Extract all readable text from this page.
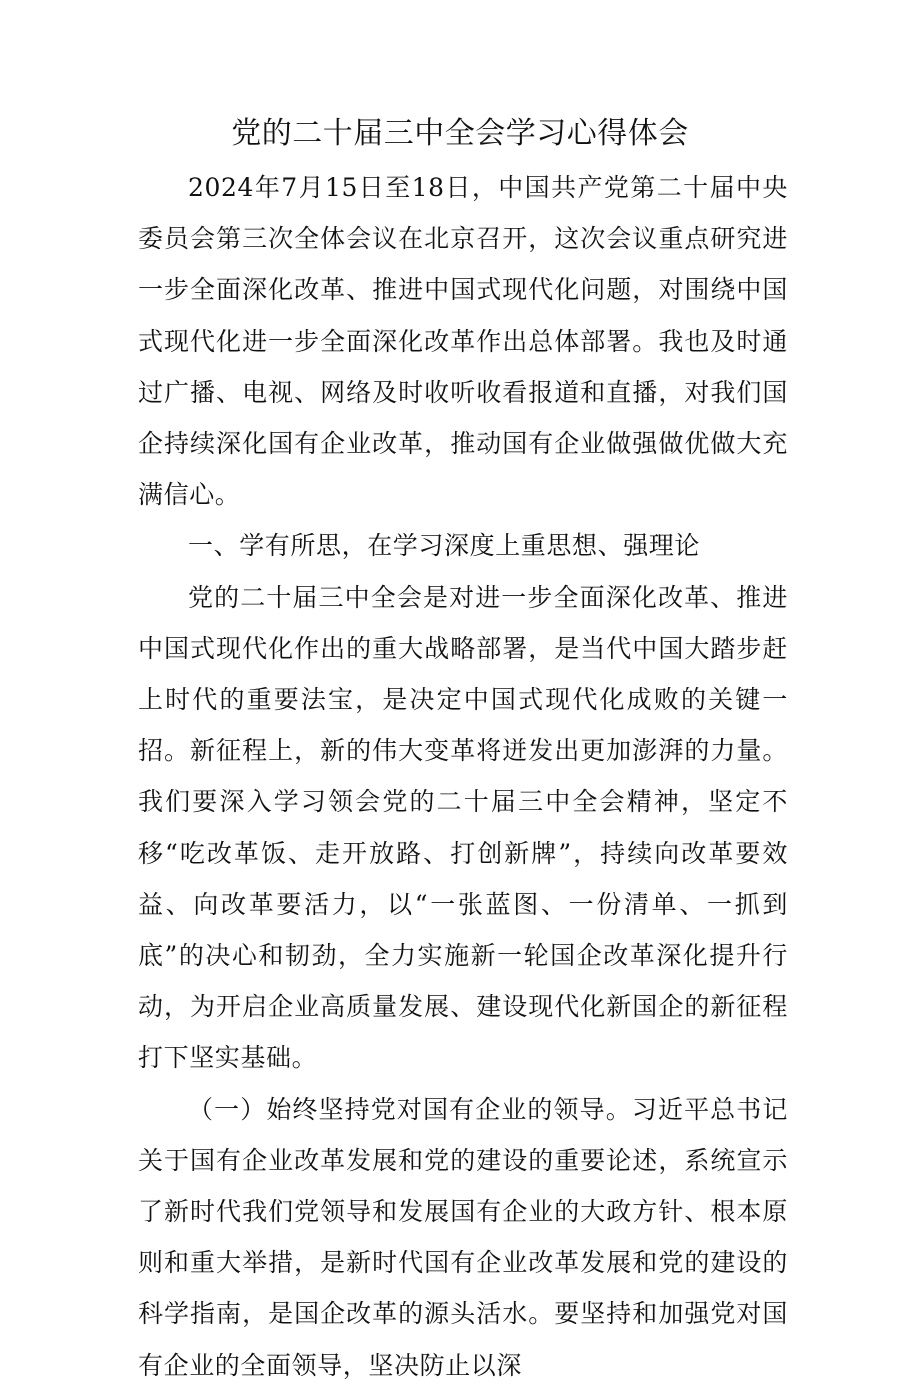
党的二十届三中全会学习心得体会

2024年7月15日至18日，中国共产党第二十届中央委员会第三次全体会议在北京召开，这次会议重点研究进一步全面深化改革、推进中国式现代化问题，对围绕中国式现代化进一步全面深化改革作出总体部署。我也及时通过广播、电视、网络及时收听收看报道和直播，对我们国企持续深化国有企业改革，推动国有企业做强做优做大充满信心。

一、学有所思，在学习深度上重思想、强理论

党的二十届三中全会是对进一步全面深化改革、推进中国式现代化作出的重大战略部署，是当代中国大踏步赶上时代的重要法宝，是决定中国式现代化成败的关键一招。新征程上，新的伟大变革将迸发出更加澎湃的力量。我们要深入学习领会党的二十届三中全会精神，坚定不移“吃改革饭、走开放路、打创新牌”，持续向改革要效益、向改革要活力，以“一张蓝图、一份清单、一抓到底”的决心和韧劲，全力实施新一轮国企改革深化提升行动，为开启企业高质量发展、建设现代化新国企的新征程打下坚实基础。

（一）始终坚持党对国有企业的领导。习近平总书记关于国有企业改革发展和党的建设的重要论述，系统宣示了新时代我们党领导和发展国有企业的大政方针、根本原则和重大举措，是新时代国有企业改革发展和党的建设的科学指南，是国企改革的源头活水。要坚持和加强党对国有企业的全面领导，坚决防止以深
